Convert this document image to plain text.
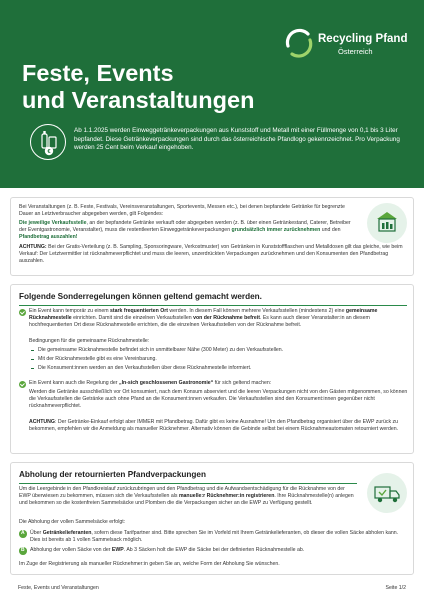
Recycling Pfand
Österreich
Feste, Events
und Veranstaltungen
€
Ab 1.1.2025 werden Einweggetränkeverpackungen aus Kunststoff und Metall mit einer Füllmenge von 0,1 bis 3 Liter bepfandet. Diese Getränkeverpackungen sind durch das österreichische Pfandlogo gekennzeichnet. Pro Verpackung werden 25 Cent beim Verkauf eingehoben.
Bei Veranstaltungen (z. B. Feste, Festivals, Vereinsveranstaltungen, Sportevents, Messen etc.), bei denen bepfandete Getränke für begrenzte Dauer an Letztverbraucher abgegeben werden, gilt Folgendes:
Die jeweilige Verkaufsstelle, an der bepfandete Getränke verkauft oder abgegeben werden (z. B. über einen Getränkestand, Caterer, Betreiber der Eventgastronomie, Veranstalter), muss die restentleerten Einweggetränkeverpackungen grundsätzlich immer zurücknehmen und den Pfandbetrag auszahlen!
ACHTUNG: Bei der Gratis-Verteilung (z. B. Sampling, Sponsoringware, Verkostmuster) von Getränken in Kunststoffflaschen und Metalldosen gilt das gleiche, wie beim Verkauf: Der Letztvermittler ist rücknahmeverpflichtet und muss die leeren, unzerdrückten Verpackungen zurücknehmen und den Konsumenten den Pfandbetrag auszahlen.
Folgende Sonderregelungen können geltend gemacht werden.
Ein Event kann temporär zu einem stark frequentierten Ort werden. In diesem Fall können mehrere Verkaufsstellen (mindestens 2) eine gemeinsame Rücknahmestelle einrichten. Damit sind die einzelnen Verkaufsstellen von der Rücknahme befreit. Es kann auch dieser Veranstalter:in an diesem hochfrequentierten Ort diese Rücknahmestelle errichten, die die einzelnen Verkaufsstellen von der Rücknahme befreit.
Bedingungen für die gemeinsame Rücknahmestelle:
Die gemeinsame Rücknahmestelle befindet sich in unmittelbarer Nähe (300 Meter) zu den Verkaufsstellen.
Mit der Rücknahmestelle gibt es eine Vereinbarung.
Die Konsument:innen werden an den Verkaufsstellen über diese Rücknahmestelle informiert.
Ein Event kann auch die Regelung der „In-sich geschlossenen Gastronomie“ für sich geltend machen:
Werden die Getränke ausschließlich vor Ort konsumiert, nach dem Konsum abserviert und die leeren Verpackungen nicht von den Gästen mitgenommen, so können die Verkaufsstellen die Getränke auch ohne Pfand an die Konsument:innen verkaufen. Die Verkaufsstellen sind den Konsument:innen gegenüber nicht rücknahmeverpflichtet.
ACHTUNG: Der Getränke-Einkauf erfolgt aber IMMER mit Pfandbetrag. Dafür gibt es keine Ausnahme! Um den Pfandbetrag organisiert über die EWP zurück zu bekommen, empfehlen wir die Anmeldung als manueller Rücknehmer. Alternativ können die Gebinde selbst bei einem Rücknahmeautomaten retourniert werden.
Abholung der retournierten Pfandverpackungen
Um die Leergebinde in den Pfandkreislauf zurückzubringen und den Pfandbetrag und die Aufwandsentschädigung für die Rücknahme von der EWP überwiesen zu bekommen, müssen sich die Verkaufsstellen als manuelle:r Rücknehmer:in registrieren. Ihre Rücknahmestelle(n) anlegen und bekommen so die kostenfreien Sammelsäcke und Plomben die die Verpackungen sicher an die EWP zu Verfügung gestellt.
Die Abholung der vollen Sammelsäcke erfolgt:
A	Über Getränkelieferanten, sofern diese Tarifpartner sind. Bitte sprechen Sie im Vorfeld mit Ihrem Getränkelieferanten, ob dieser die vollen Säcke abholen kann. Dies ist bereits ab 1 vollen Sammelsack möglich.
B	Abholung der vollen Säcke von der EWP. Ab 3 Säcken holt die EWP die Säcke bei der definierten Rücknahmestelle ab.
Im Zuge der Registrierung als manueller Rücknehmer:in geben Sie an, welche Form der Abholung Sie wünschen.
Feste, Events und Veranstaltungen	Seite 1/2
